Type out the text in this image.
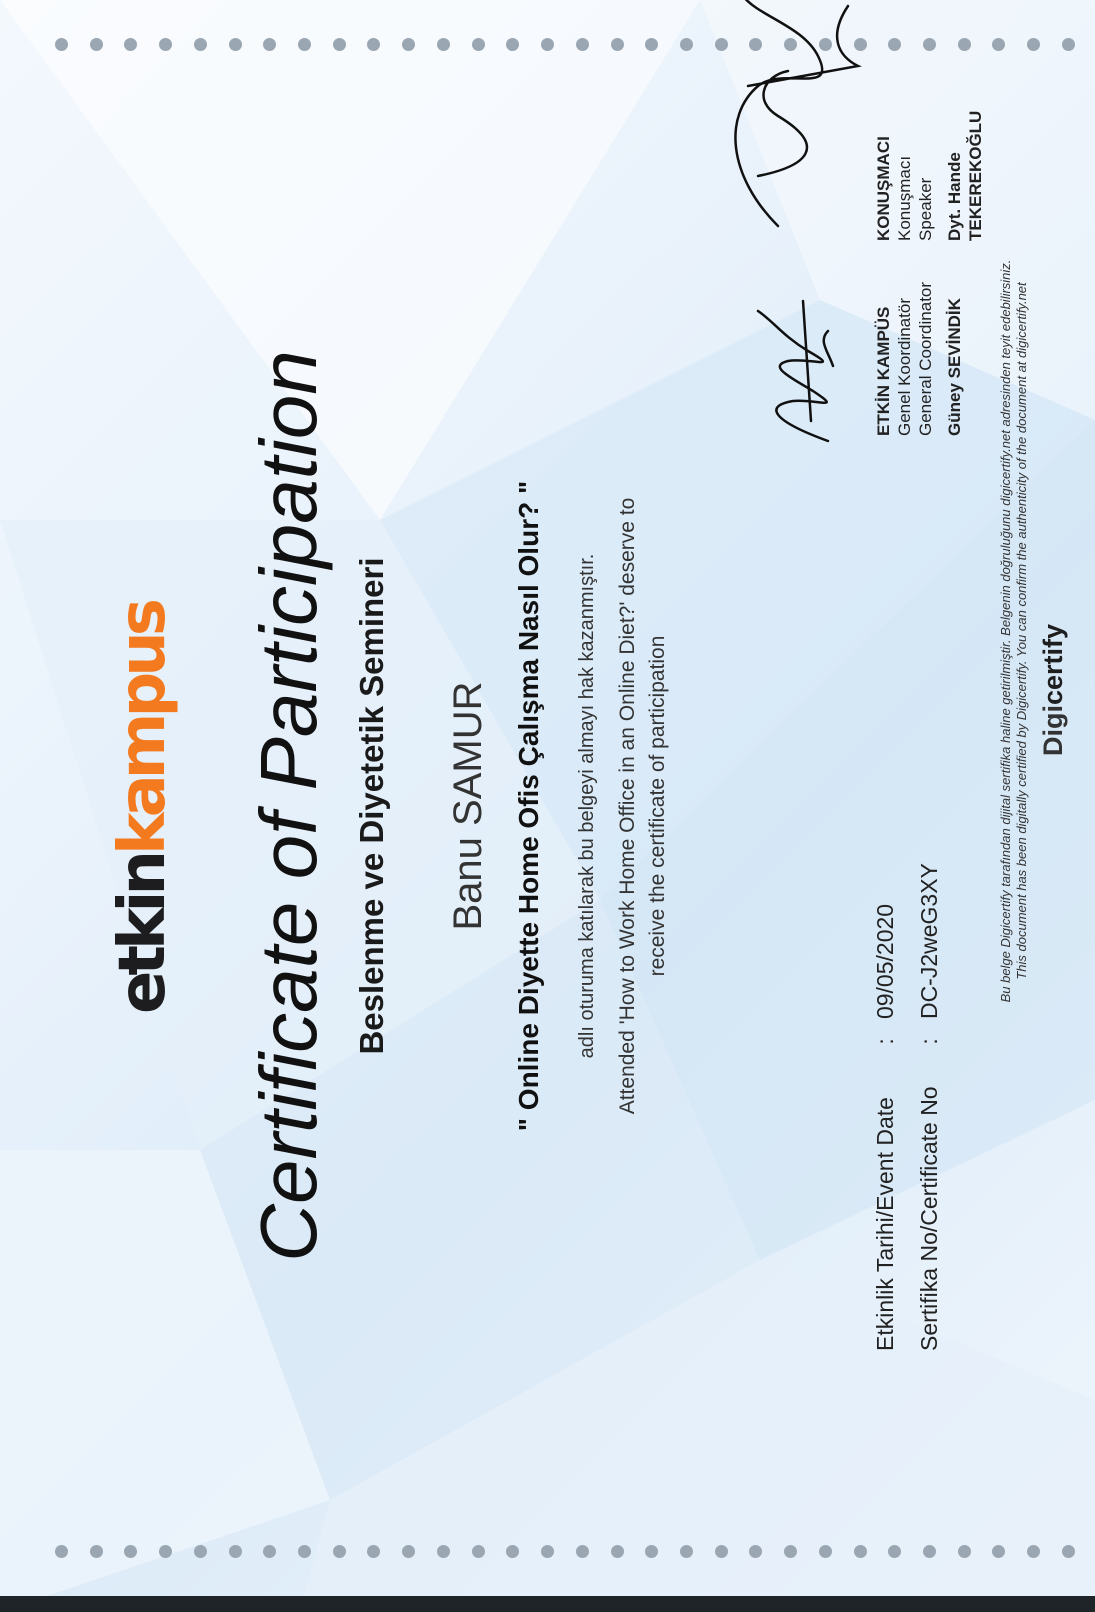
etkinkampus Certificate of Participation Beslenme ve Diyetetik Semineri Banu SAMUR " Online Diyette Home Ofis Çalışma Nasıl Olur? " adlı oturuma katılarak bu belgeyi almayı hak kazanmıştır. Attended 'How to Work Home Office in an Online Diet?' deserve to receive the certificate of participation
Etkinlik Tarihi/Event Date :   09/05/2020
Sertifika No/Certificate No :   DC-J2weG3XY
ETKİN KAMPÜS Genel Koordinatör General Coordinator Güney SEVİNDİK
KONUŞMACI Konuşmacı Speaker Dyt. Hande TEKEREKOĞLU
Bu belge Digicertify tarafından dijital sertifika haline getirilmiştir. Belgenin doğruluğunu digicertify.net adresinden teyit edebilirsiniz. This document has been digitally certified by Digicertify. You can confirm the authenticity of the document at digicertify.net Digicertify
